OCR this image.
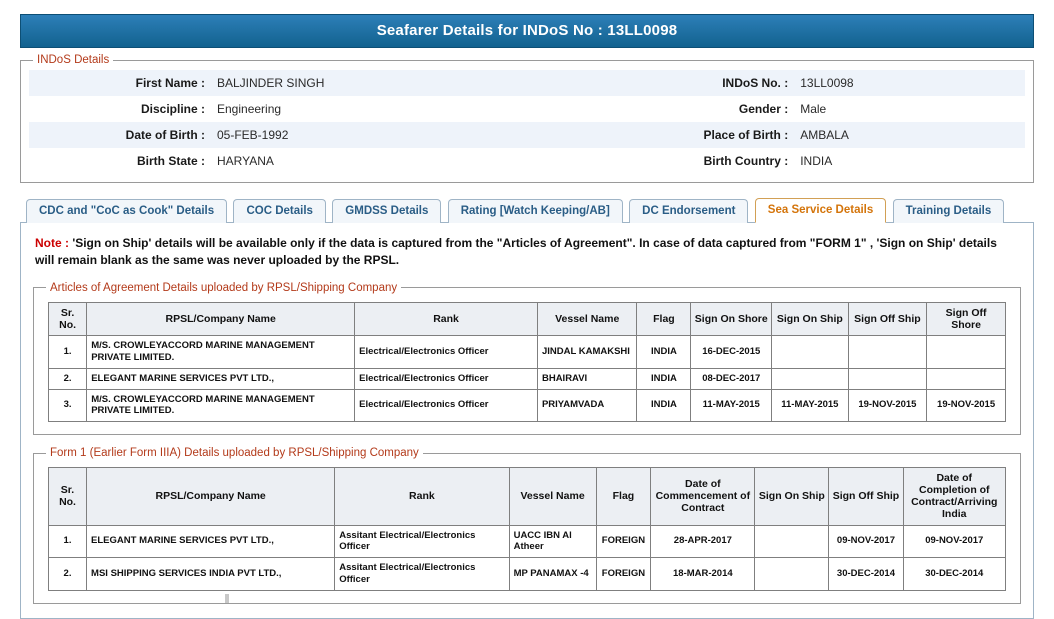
Seafarer Details for INDoS No : 13LL0098
INDoS Details
First Name :	BALJINDER SINGH	INDoS No. :	13LL0098
Discipline :	Engineering	Gender :	Male
Date of Birth :	05-FEB-1992	Place of Birth :	AMBALA
Birth State :	HARYANA	Birth Country :	INDIA
CDC and "CoC as Cook" Details	COC Details	GMDSS Details	Rating [Watch Keeping/AB]	DC Endorsement	Sea Service Details	Training Details
Note : 'Sign on Ship' details will be available only if the data is captured from the "Articles of Agreement". In case of data captured from "FORM 1" , 'Sign on Ship' details will remain blank as the same was never uploaded by the RPSL.
Articles of Agreement Details uploaded by RPSL/Shipping Company
Sr. No.	RPSL/Company Name	Rank	Vessel Name	Flag	Sign On Shore	Sign On Ship	Sign Off Ship	Sign Off Shore
1.	M/S. CROWLEYACCORD MARINE MANAGEMENT PRIVATE LIMITED.	Electrical/Electronics Officer	JINDAL KAMAKSHI	INDIA	16-DEC-2015			
2.	ELEGANT MARINE SERVICES PVT LTD.,	Electrical/Electronics Officer	BHAIRAVI	INDIA	08-DEC-2017			
3.	M/S. CROWLEYACCORD MARINE MANAGEMENT PRIVATE LIMITED.	Electrical/Electronics Officer	PRIYAMVADA	INDIA	11-MAY-2015	11-MAY-2015	19-NOV-2015	19-NOV-2015
Form 1 (Earlier Form IIIA) Details uploaded by RPSL/Shipping Company
Sr. No.	RPSL/Company Name	Rank	Vessel Name	Flag	Date of Commencement of Contract	Sign On Ship	Sign Off Ship	Date of Completion of Contract/Arriving India
1.	ELEGANT MARINE SERVICES PVT LTD.,	Assitant Electrical/Electronics Officer	UACC IBN Al Atheer	FOREIGN	28-APR-2017		09-NOV-2017	09-NOV-2017
2.	MSI SHIPPING SERVICES INDIA PVT LTD.,	Assitant Electrical/Electronics Officer	MP PANAMAX -4	FOREIGN	18-MAR-2014		30-DEC-2014	30-DEC-2014
